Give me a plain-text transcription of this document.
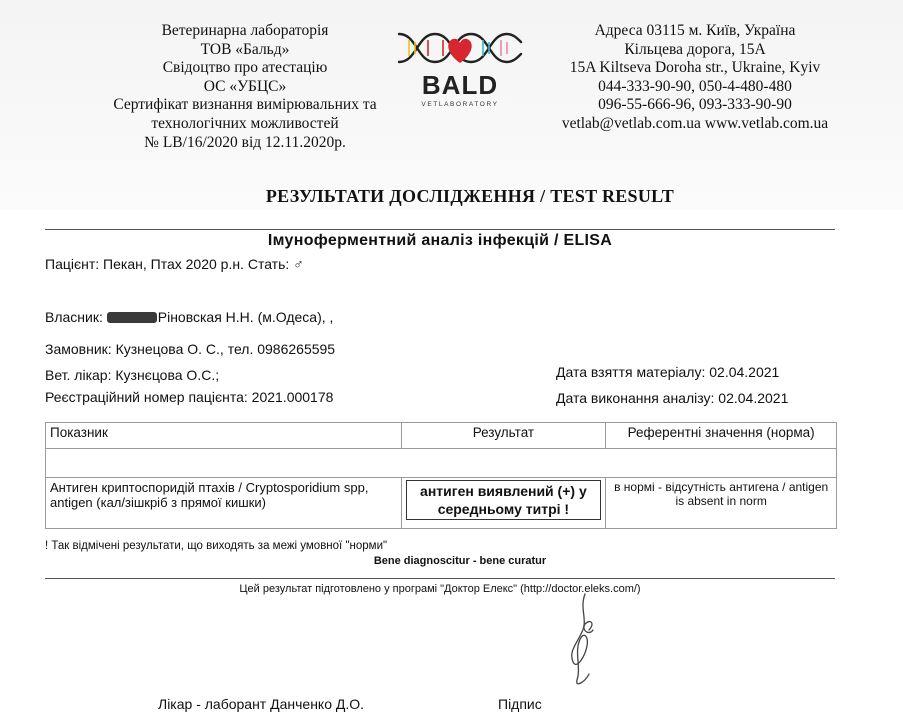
Ветеринарна лабораторія
ТОВ «Бальд»
Свідоцтво про атестацію
ОС «УБЦС»
Сертифікат визнання вимірювальних та
технологічних можливостей
№ LB/16/2020 від 12.11.2020р.
BALD
VETLABORATORY
Адреса 03115 м. Київ, Україна
Кільцева дорога, 15А
15A Kiltseva Doroha str., Ukraine, Kyiv
044-333-90-90, 050-4-480-480
096-55-666-96, 093-333-90-90
vetlab@vetlab.com.ua www.vetlab.com.ua
РЕЗУЛЬТАТИ ДОСЛІДЖЕННЯ / TEST RESULT
Імуноферментний аналіз інфекцій / ELISA
Пацієнт: Пекан, Птах 2020 р.н. Стать: ♂
Власник:	Рiновская Н.Н. (м.Одеса), ,
Замовник: Кузнецова О. С., тел. 0986265595
Вет. лікар: Кузнєцова О.С.;
Реєстраційний номер пацієнта: 2021.000178
Дата взяття матеріалу: 02.04.2021
Дата виконання аналізу: 02.04.2021
Показник	Результат	Референтні значення (норма)

Антиген криптоспоридій птахів / Cryptosporidium spp, antigen (кал/зішкріб з прямої кишки)	антиген виявлений (+) у середньому титрі !	в нормі - відсутність антигена / antigen is absent in norm
! Так відмічені результати, що виходять за межі умовної "норми"
Bene diagnoscitur - bene curatur
Цей результат підготовлено у програмі "Доктор Елекс" (http://doctor.eleks.com/)
Лікар - лаборант Данченко Д.О.	Підпис
